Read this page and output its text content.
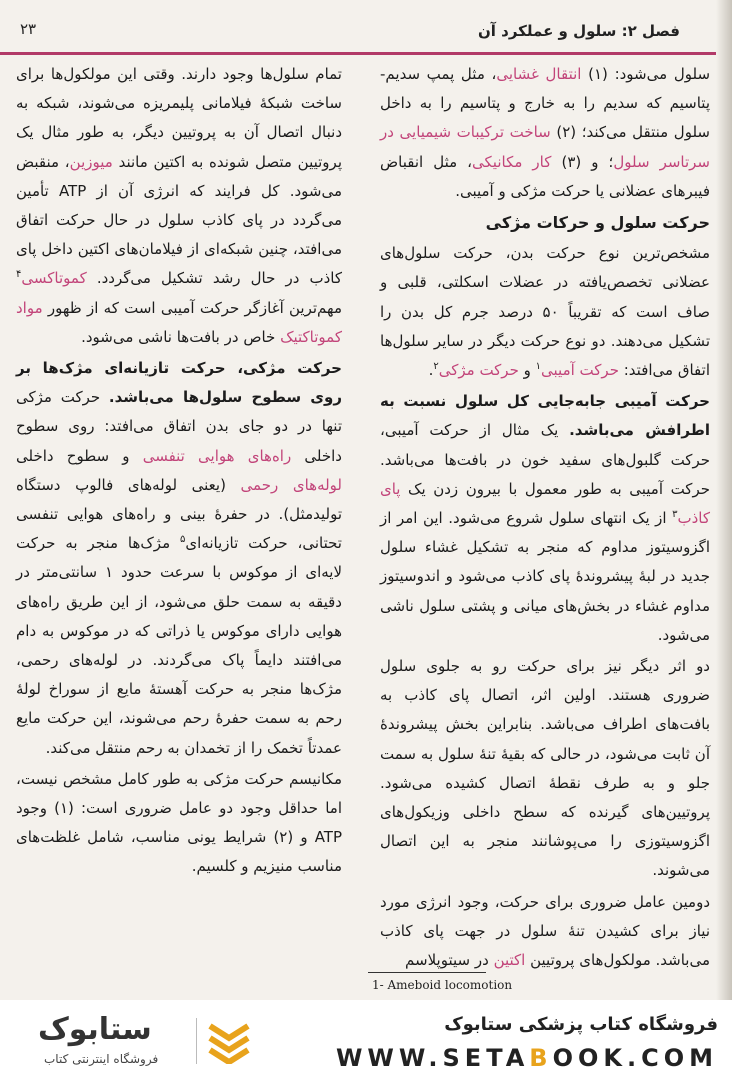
فصل ۲: سلول و عملکرد آن
۲۳

سلول می‌شود: (۱) انتقال غشایی، مثل پمپ سدیم-پتاسیم که سدیم را به خارج و پتاسیم را به داخل سلول منتقل می‌کند؛ (۲) ساخت ترکیبات شیمیایی در سرتاسر سلول؛ و (۳) کار مکانیکی، مثل انقباض فیبرهای عضلانی یا حرکت مژکی و آمیبی.

حرکت سلول و حرکات مژکی

مشخص‌ترین نوع حرکت بدن، حرکت سلول‌های عضلانی تخصص‌یافته در عضلات اسکلتی، قلبی و صاف است که تقریباً ۵۰ درصد جرم کل بدن را تشکیل می‌دهند. دو نوع حرکت دیگر در سایر سلول‌ها اتفاق می‌افتد: حرکت آمیبی$^۱$ و حرکت مژکی$^۲$.

حرکت آمیبی جابه‌جایی کل سلول نسبت به اطرافش می‌باشد. یک مثال از حرکت آمیبی، حرکت گلبول‌های سفید خون در بافت‌ها می‌باشد. حرکت آمیبی به طور معمول با بیرون زدن یک پای کاذب$^۳$ از یک انتهای سلول شروع می‌شود. این امر از اگزوسیتوز مداوم که منجر به تشکیل غشاء سلول جدید در لبهٔ پیشروندهٔ پای کاذب می‌شود و اندوسیتوز مداوم غشاء در بخش‌های میانی و پشتی سلول ناشی می‌شود.

دو اثر دیگر نیز برای حرکت رو به جلوی سلول ضروری هستند. اولین اثر، اتصال پای کاذب به بافت‌های اطراف می‌باشد. بنابراین بخش پیشروندهٔ آن ثابت می‌شود، در حالی که بقیهٔ تنهٔ سلول به سمت جلو و به طرف نقطهٔ اتصال کشیده می‌شود. پروتیین‌های گیرنده که سطح داخلی وزیکول‌های اگزوسیتوزی را می‌پوشانند منجر به این اتصال می‌شوند.

دومین عامل ضروری برای حرکت، وجود انرژی مورد نیاز برای کشیدن تنهٔ سلول در جهت پای کاذب می‌باشد. مولکول‌های پروتیین اکتین در سیتوپلاسم

تمام سلول‌ها وجود دارند. وقتی این مولکول‌ها برای ساخت شبکهٔ فیلامانی پلیمریزه می‌شوند، شبکه به دنبال اتصال آن به پروتیین دیگر، به طور مثال یک پروتیین متصل شونده به اکتین مانند میوزین، منقبض می‌شود. کل فرایند که انرژی آن از ATP تأمین می‌گردد در پای کاذب سلول در حال حرکت اتفاق می‌افتد، چنین شبکه‌ای از فیلامان‌های اکتین داخل پای کاذب در حال رشد تشکیل می‌گردد. کموتاکسی$^۴$ مهم‌ترین آغازگر حرکت آمیبی است که از ظهور مواد کموتاکتیک خاص در بافت‌ها ناشی می‌شود.

حرکت مژکی، حرکت تازیانه‌ای مژک‌ها بر روی سطوح سلول‌ها می‌باشد. حرکت مژکی تنها در دو جای بدن اتفاق می‌افتد: روی سطوح داخلی راه‌های هوایی تنفسی و سطوح داخلی لوله‌های رحمی (یعنی لوله‌های فالوپ دستگاه تولیدمثل). در حفرهٔ بینی و راه‌های هوایی تنفسی تحتانی، حرکت تازیانه‌ای$^۵$ مژک‌ها منجر به حرکت لایه‌ای از موکوس با سرعت حدود ۱ سانتی‌متر در دقیقه به سمت حلق می‌شود، از این طریق راه‌های هوایی دارای موکوس یا ذراتی که در موکوس به دام می‌افتند دایماً پاک می‌گردند. در لوله‌های رحمی، مژک‌ها منجر به حرکت آهستهٔ مایع از سوراخ لولهٔ رحم به سمت حفرهٔ رحم می‌شوند، این حرکت مایع عمدتاً تخمک را از تخمدان به رحم منتقل می‌کند.

مکانیسم حرکت مژکی به طور کامل مشخص نیست، اما حداقل وجود دو عامل ضروری است: (۱) وجود ATP و (۲) شرایط یونی مناسب، شامل غلظت‌های مناسب منیزیم و کلسیم.

1- Ameboid locomotion
فروشگاه کتاب پزشکی ستابوک
WWW.SETABOOK.COM
ستابوک
فروشگاه اینترنتی کتاب
